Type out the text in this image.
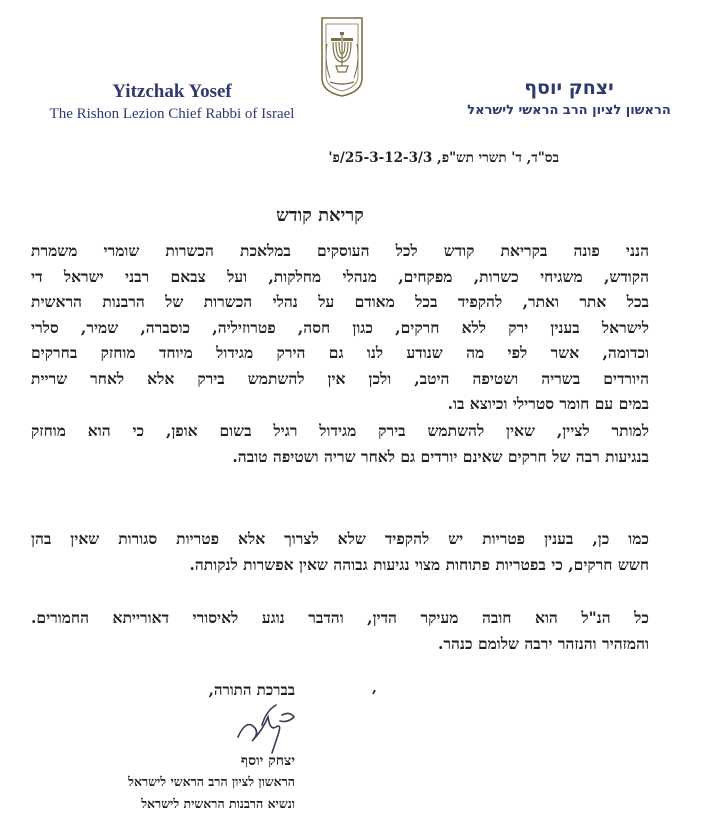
Yitzchak Yosef
The Rishon Lezion Chief Rabbi of Israel
יצחק יוסף
הראשון לציון הרב הראשי לישראל
בס"ד, ד' תשרי תש"פ, 25-3-12-3/3/פ'
קריאת קודש
הנני פונה בקריאת קודש לכל העוסקים במלאכת הכשרות שומרי משמרת
הקודש, משגיחי כשרות, מפקחים, מנהלי מחלקות, ועל צבאם רבני ישראל די
בכל אתר ואתר, להקפיד בכל מאודם על נהלי הכשרות של הרבנות הראשית
לישראל בענין ירק ללא חרקים, כגון חסה, פטרוזיליה, כוסברה, שמיר, סלרי
וכדומה, אשר לפי מה שנודע לנו גם הירק מגידול מיוחד מוחזק בחרקים
היורדים בשריה ושטיפה היטב, ולכן אין להשתמש בירק אלא לאחר שריית
במים עם חומר סטרילי וכיוצא בו.
למותר לציין, שאין להשתמש בירק מגידול רגיל בשום אופן, כי הוא מוחזק
בנגיעות רבה של חרקים שאינם יורדים גם לאחר שריה ושטיפה טובה.
כמו כן, בענין פטריות יש להקפיד שלא לצרוך אלא פטריות סגורות שאין בהן
חשש חרקים, כי בפטריות פתוחות מצוי נגיעות גבוהה שאין אפשרות לנקותה.
כל הנ"ל הוא חובה מעיקר הדין, והדבר נוגע לאיסורי דאורייתא החמורים.
והמזהיר והנזהר ירבה שלומם כנהר.
בברכת התורה,	,
יצחק יוסף
הראשון לציון הרב הראשי לישראל
ונשיא הרבנות הראשית לישראל
